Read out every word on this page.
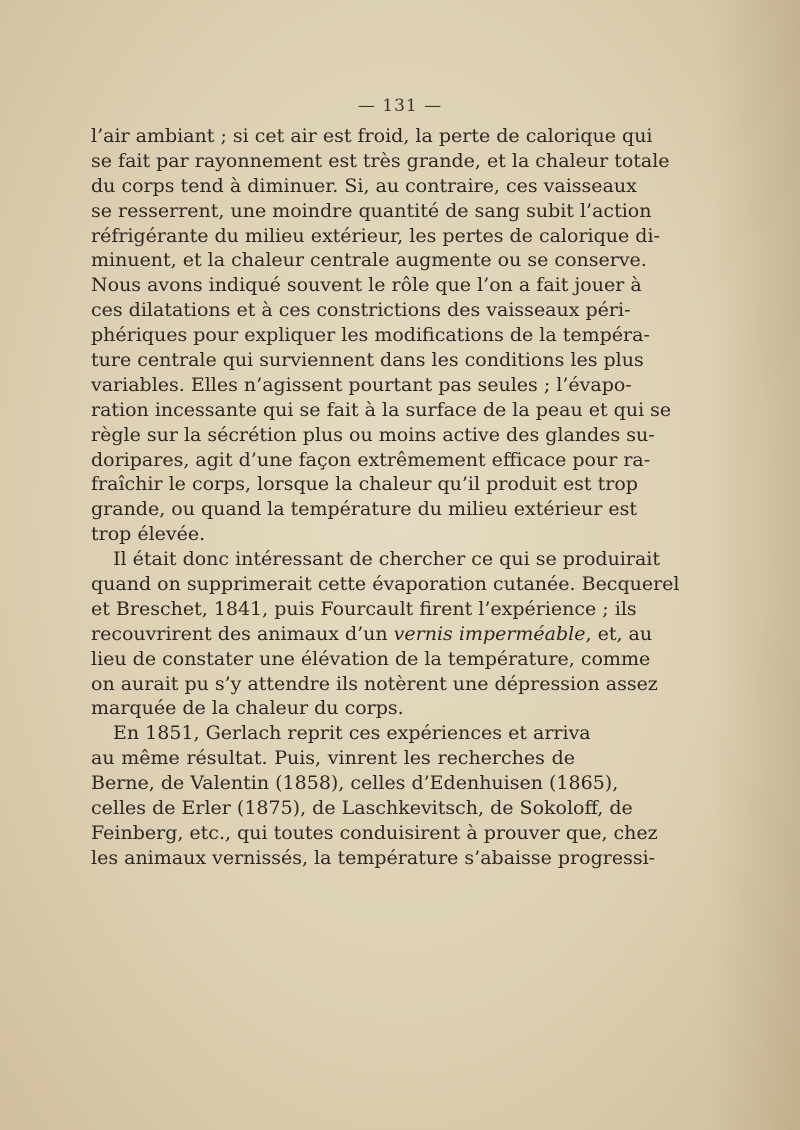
— 131 —
l’air ambiant ; si cet air est froid, la perte de calorique qui
se fait par rayonnement est très grande, et la chaleur totale
du corps tend à diminuer. Si, au contraire, ces vaisseaux
se resserrent, une moindre quantité de sang subit l’action
réfrigérante du milieu extérieur, les pertes de calorique di-
minuent, et la chaleur centrale augmente ou se conserve.
Nous avons indiqué souvent le rôle que l’on a fait jouer à
ces dilatations et à ces constrictions des vaisseaux péri-
phériques pour expliquer les modifications de la tempéra-
ture centrale qui surviennent dans les conditions les plus
variables. Elles n’agissent pourtant pas seules ; l’évapo-
ration incessante qui se fait à la surface de la peau et qui se
règle sur la sécrétion plus ou moins active des glandes su-
doripares, agit d’une façon extrêmement efficace pour ra-
fraîchir le corps, lorsque la chaleur qu’il produit est trop
grande, ou quand la température du milieu extérieur est
trop élevée.
Il était donc intéressant de chercher ce qui se produirait
quand on supprimerait cette évaporation cutanée. Becquerel
et Breschet, 1841, puis Fourcault firent l’expérience ; ils
recouvrirent des animaux d’un vernis imperméable, et, au
lieu de constater une élévation de la température, comme
on aurait pu s’y attendre ils notèrent une dépression assez
marquée de la chaleur du corps.
En 1851, Gerlach reprit ces expériences et arriva
au même résultat. Puis, vinrent les recherches de
Berne, de Valentin (1858), celles d’Edenhuisen (1865),
celles de Erler (1875), de Laschkevitsch, de Sokoloff, de
Feinberg, etc., qui toutes conduisirent à prouver que, chez
les animaux vernissés, la température s’abaisse progressi-
